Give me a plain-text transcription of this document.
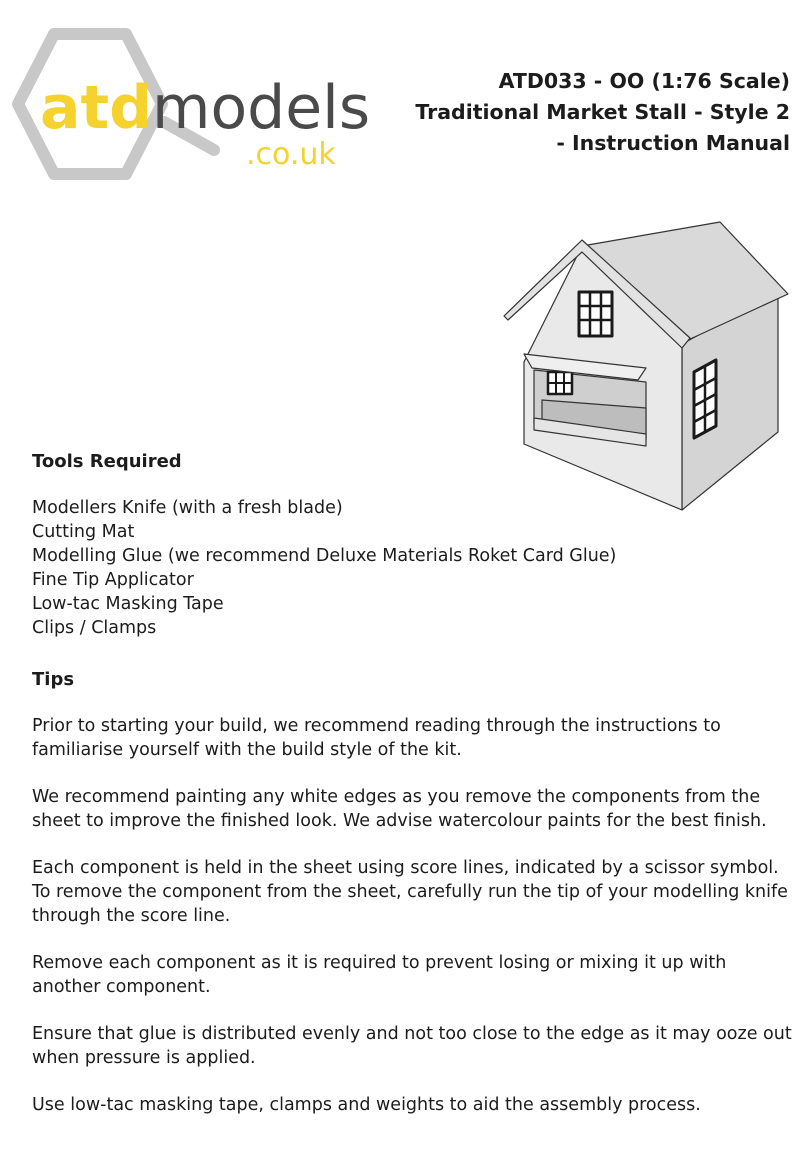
atd models
.co.uk
ATD033 - OO (1:76 Scale)
Traditional Market Stall - Style 2
- Instruction Manual

Tools Required

Modellers Knife (with a fresh blade)
Cutting Mat
Modelling Glue (we recommend Deluxe Materials Roket Card Glue)
Fine Tip Applicator
Low-tac Masking Tape
Clips / Clamps

Tips

Prior to starting your build, we recommend reading through the instructions to familiarise yourself with the build style of the kit.

We recommend painting any white edges as you remove the components from the sheet to improve the finished look. We advise watercolour paints for the best finish.

Each component is held in the sheet using score lines, indicated by a scissor symbol. To remove the component from the sheet, carefully run the tip of your modelling knife through the score line.

Remove each component as it is required to prevent losing or mixing it up with another component.

Ensure that glue is distributed evenly and not too close to the edge as it may ooze out when pressure is applied.

Use low-tac masking tape, clamps and weights to aid the assembly process.
